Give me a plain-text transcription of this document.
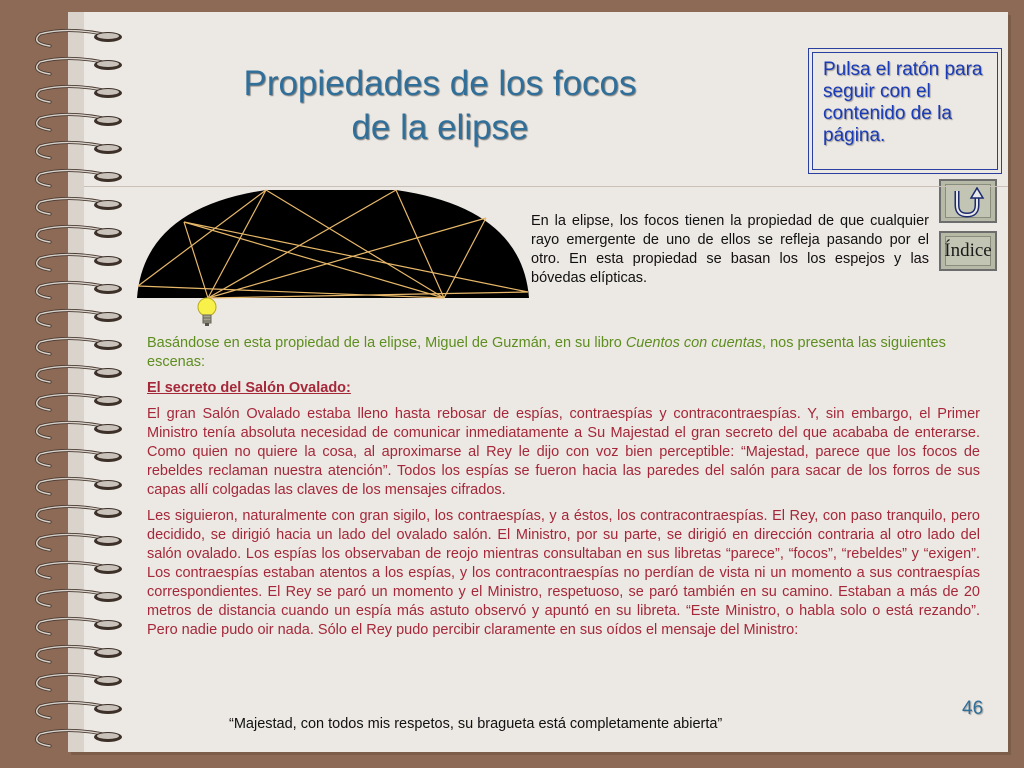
Propiedades de los focos
de la elipse
Pulsa el ratón para seguir con el contenido de la página.
Índice
En la elipse, los focos tienen la propiedad de que cualquier rayo emergente de uno de ellos se refleja pasando por el otro. En esta propiedad se basan los los espejos y las bóvedas elípticas.

Basándose en esta propiedad de la elipse, Miguel de Guzmán, en su libro Cuentos con cuentas, nos presenta las siguientes escenas:

El secreto del Salón Ovalado:

El gran Salón Ovalado estaba lleno hasta rebosar de espías, contraespías y contracontraespías. Y, sin embargo, el Primer Ministro tenía absoluta necesidad de comunicar inmediatamente a Su Majestad el gran secreto del que acababa de enterarse. Como quien no quiere la cosa, al aproximarse al Rey le dijo con voz bien perceptible: “Majestad, parece que los focos de rebeldes reclaman nuestra atención”. Todos los espías se fueron hacia las paredes del salón para sacar de los forros de sus capas allí colgadas las claves de los mensajes cifrados.

Les siguieron, naturalmente con gran sigilo, los contraespías, y a éstos, los contracontraespías. El Rey, con paso tranquilo, pero decidido, se dirigió hacia un lado del ovalado salón. El Ministro, por su parte, se dirigió en dirección contraria al otro lado del salón ovalado. Los espías los observaban de reojo mientras consultaban en sus libretas “parece”, “focos”, “rebeldes” y “exigen”. Los contraespías estaban atentos a los espías, y los contracontraespías no perdían de vista ni un momento a sus contraespías correspondientes. El Rey se paró un momento y el Ministro, respetuoso, se paró también en su camino. Estaban a más de 20 metros de distancia cuando un espía más astuto observó y apuntó en su libreta. “Este Ministro, o habla solo o está rezando”. Pero nadie pudo oir nada. Sólo el Rey pudo percibir claramente en sus oídos el mensaje del Ministro:

“Majestad, con todos mis respetos, su bragueta está completamente abierta”
46
